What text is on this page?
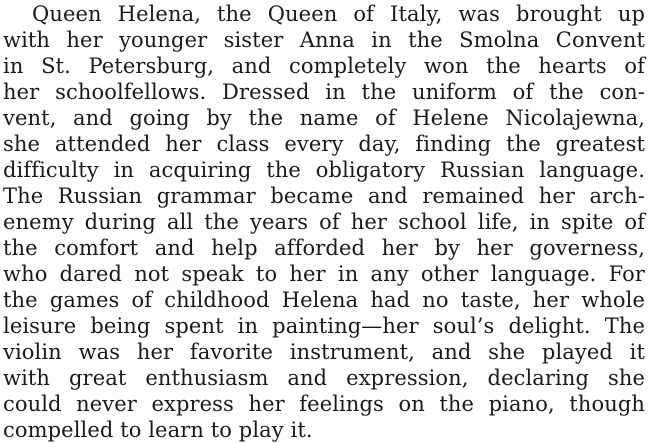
Queen Helena, the Queen of Italy, was brought up
with her younger sister Anna in the Smolna Convent
in St. Petersburg, and completely won the hearts of
her schoolfellows. Dressed in the uniform of the con-
vent, and going by the name of Helene Nicolajewna,
she attended her class every day, finding the greatest
difficulty in acquiring the obligatory Russian language.
The Russian grammar became and remained her arch-
enemy during all the years of her school life, in spite of
the comfort and help afforded her by her governess,
who dared not speak to her in any other language. For
the games of childhood Helena had no taste, her whole
leisure being spent in painting—her soul’s delight. The
violin was her favorite instrument, and she played it
with great enthusiasm and expression, declaring she
could never express her feelings on the piano, though
compelled to learn to play it.
